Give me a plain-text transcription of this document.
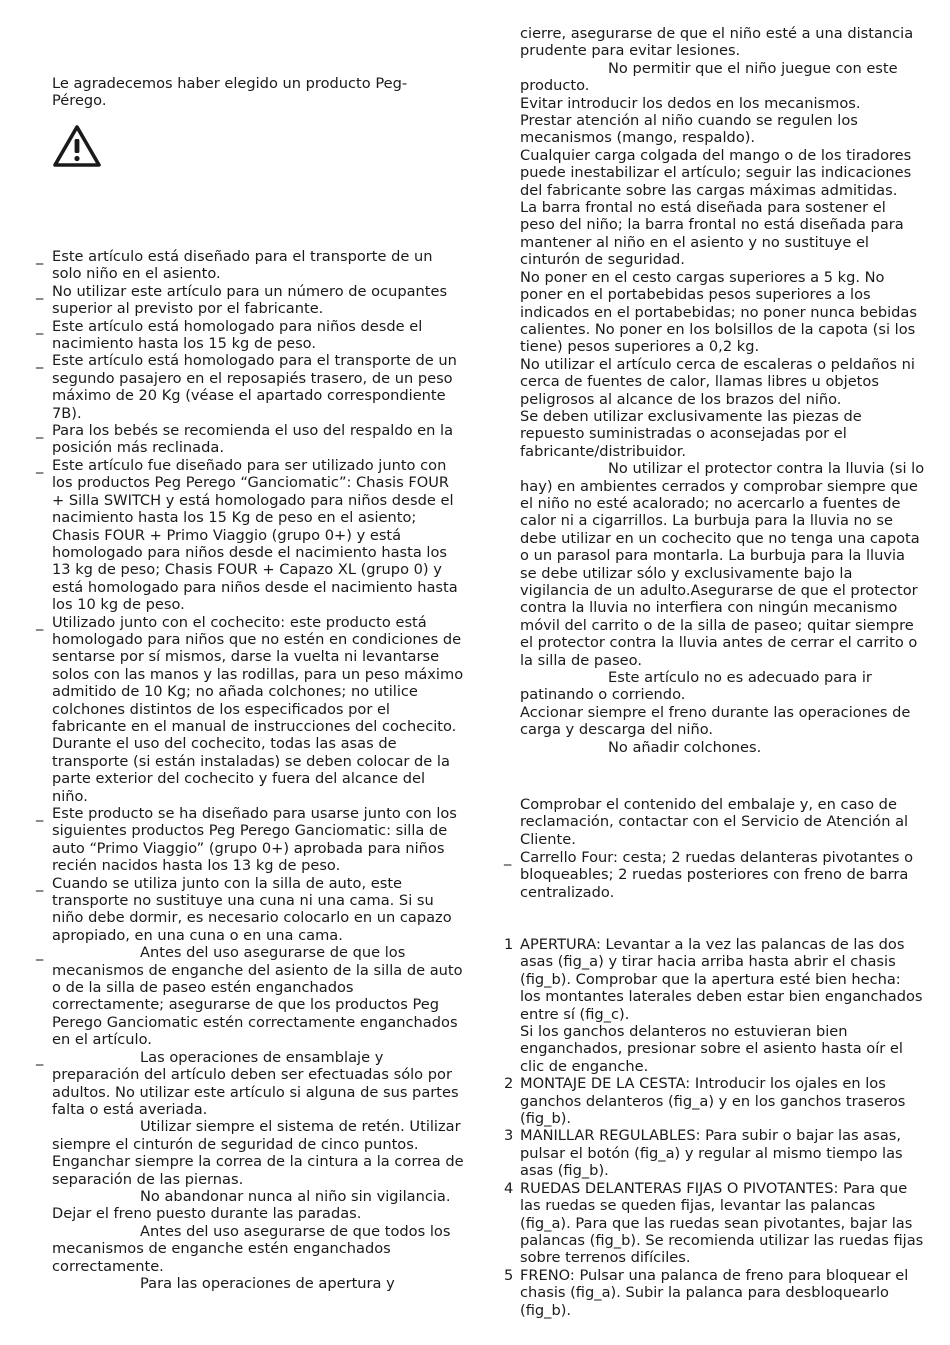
Le agradecemos haber elegido un producto Peg-Pérego.

_ Este artículo está diseñado para el transporte de un solo niño en el asiento.

_ No utilizar este artículo para un número de ocupantes superior al previsto por el fabricante.

_ Este artículo está homologado para niños desde el nacimiento hasta los 15 kg de peso.

_ Este artículo está homologado para el transporte de un segundo pasajero en el reposapiés trasero, de un peso máximo de 20 Kg (véase el apartado correspondiente 7B).

_ Para los bebés se recomienda el uso del respaldo en la posición más reclinada.

_ Este artículo fue diseñado para ser utilizado junto con los productos Peg Perego “Ganciomatic”: Chasis FOUR + Silla SWITCH y está homologado para niños desde el nacimiento hasta los 15 Kg de peso en el asiento; Chasis FOUR + Primo Viaggio (grupo 0+) y está homologado para niños desde el nacimiento hasta los 13 kg de peso; Chasis FOUR + Capazo XL (grupo 0) y está homologado para niños desde el nacimiento hasta los 10 kg de peso.

_ Utilizado junto con el cochecito: este producto está homologado para niños que no estén en condiciones de sentarse por sí mismos, darse la vuelta ni levantarse solos con las manos y las rodillas, para un peso máximo admitido de 10 Kg; no añada colchones; no utilice colchones distintos de los especificados por el fabricante en el manual de instrucciones del cochecito. Durante el uso del cochecito, todas las asas de transporte (si están instaladas) se deben colocar de la parte exterior del cochecito y fuera del alcance del niño.

_ Este producto se ha diseñado para usarse junto con los siguientes productos Peg Perego Ganciomatic: silla de auto “Primo Viaggio” (grupo 0+) aprobada para niños recién nacidos hasta los 13 kg de peso.

_ Cuando se utiliza junto con la silla de auto, este transporte no sustituye una cuna ni una cama. Si su niño debe dormir, es necesario colocarlo en un capazo apropiado, en una cuna o en una cama.

_ Antes del uso asegurarse de que los mecanismos de enganche del asiento de la silla de auto o de la silla de paseo estén enganchados correctamente; asegurarse de que los productos Peg Perego Ganciomatic estén correctamente enganchados en el artículo.

_ Las operaciones de ensamblaje y preparación del artículo deben ser efectuadas sólo por adultos. No utilizar este artículo si alguna de sus partes falta o está averiada.

Utilizar siempre el sistema de retén. Utilizar siempre el cinturón de seguridad de cinco puntos. Enganchar siempre la correa de la cintura a la correa de separación de las piernas.

No abandonar nunca al niño sin vigilancia. Dejar el freno puesto durante las paradas.

Antes del uso asegurarse de que todos los mecanismos de enganche estén enganchados correctamente.

Para las operaciones de apertura y

cierre, asegurarse de que el niño esté a una distancia prudente para evitar lesiones.

No permitir que el niño juegue con este producto.

Evitar introducir los dedos en los mecanismos.

Prestar atención al niño cuando se regulen los mecanismos (mango, respaldo).

Cualquier carga colgada del mango o de los tiradores puede inestabilizar el artículo; seguir las indicaciones del fabricante sobre las cargas máximas admitidas.

La barra frontal no está diseñada para sostener el peso del niño; la barra frontal no está diseñada para mantener al niño en el asiento y no sustituye el cinturón de seguridad.

No poner en el cesto cargas superiores a 5 kg. No poner en el portabebidas pesos superiores a los indicados en el portabebidas; no poner nunca bebidas calientes. No poner en los bolsillos de la capota (si los tiene) pesos superiores a 0,2 kg.

No utilizar el artículo cerca de escaleras o peldaños ni cerca de fuentes de calor, llamas libres u objetos peligrosos al alcance de los brazos del niño.

Se deben utilizar exclusivamente las piezas de repuesto suministradas o aconsejadas por el fabricante/distribuidor.

No utilizar el protector contra la lluvia (si lo hay) en ambientes cerrados y comprobar siempre que el niño no esté acalorado; no acercarlo a fuentes de calor ni a cigarrillos. La burbuja para la lluvia no se debe utilizar en un cochecito que no tenga una capota o un parasol para montarla. La burbuja para la lluvia se debe utilizar sólo y exclusivamente bajo la vigilancia de un adulto.Asegurarse de que el protector contra la lluvia no interfiera con ningún mecanismo móvil del carrito o de la silla de paseo; quitar siempre el protector contra la lluvia antes de cerrar el carrito o la silla de paseo.

Este artículo no es adecuado para ir patinando o corriendo.

Accionar siempre el freno durante las operaciones de carga y descarga del niño.

No añadir colchones.

Comprobar el contenido del embalaje y, en caso de reclamación, contactar con el Servicio de Atención al Cliente.

_ Carrello Four: cesta; 2 ruedas delanteras pivotantes o bloqueables; 2 ruedas posteriores con freno de barra centralizado.

1 APERTURA: Levantar a la vez las palancas de las dos asas (fig_a) y tirar hacia arriba hasta abrir el chasis (fig_b). Comprobar que la apertura esté bien hecha: los montantes laterales deben estar bien enganchados entre sí (fig_c).

Si los ganchos delanteros no estuvieran bien enganchados, presionar sobre el asiento hasta oír el clic de enganche.

2 MONTAJE DE LA CESTA: Introducir los ojales en los ganchos delanteros (fig_a) y en los ganchos traseros (fig_b).

3 MANILLAR REGULABLES: Para subir o bajar las asas, pulsar el botón (fig_a) y regular al mismo tiempo las asas (fig_b).

4 RUEDAS DELANTERAS FIJAS O PIVOTANTES: Para que las ruedas se queden fijas, levantar las palancas (fig_a). Para que las ruedas sean pivotantes, bajar las palancas (fig_b). Se recomienda utilizar las ruedas fijas sobre terrenos difíciles.

5 FRENO: Pulsar una palanca de freno para bloquear el chasis (fig_a). Subir la palanca para desbloquearlo (fig_b).
